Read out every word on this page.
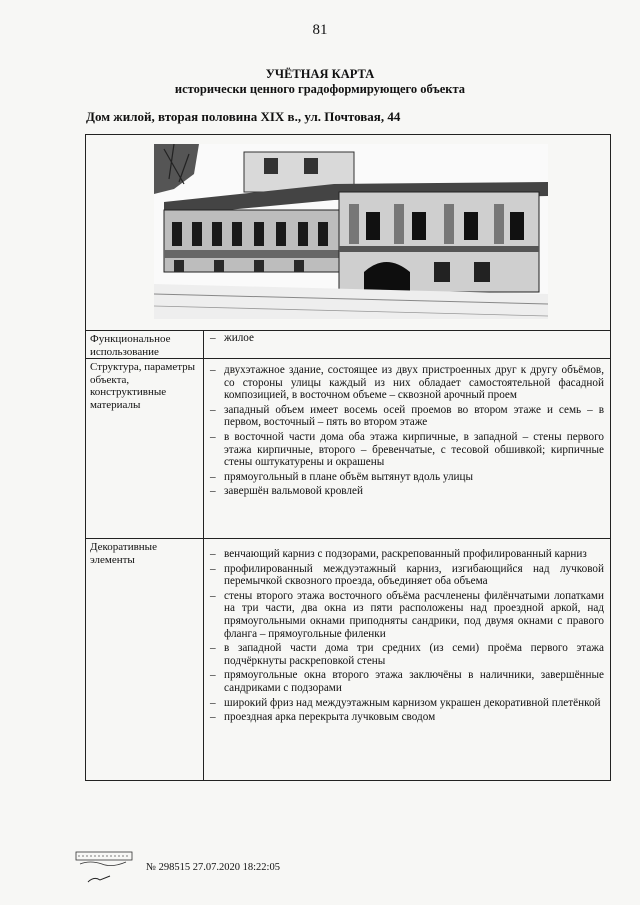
81
УЧЁТНАЯ КАРТА
исторически ценного градоформирующего объекта
Дом жилой, вторая половина XIX в., ул. Почтовая, 44
Функциональное использование
– жилое
Структура, параметры объекта, конструктивные материалы
– двухэтажное здание, состоящее из двух пристроенных друг к другу объёмов, со стороны улицы каждый из них обладает самостоятельной фасадной композицией, в восточном объеме – сквозной арочный проем
– западный объем имеет восемь осей проемов во втором этаже и семь – в первом, восточный – пять во втором этаже
– в восточной части дома оба этажа кирпичные, в западной – стены первого этажа кирпичные, второго – бревенчатые, с тесовой обшивкой; кирпичные стены оштукатурены и окрашены
– прямоугольный в плане объём вытянут вдоль улицы
– завершён вальмовой кровлей
Декоративные элементы
–	венчающий карниз с подзорами, раскрепованный профилированный карниз
– профилированный междуэтажный карниз, изгибающийся над лучковой перемычкой сквозного проезда, объединяет оба объема
– стены второго этажа восточного объёма расчленены филёнчатыми лопатками на три части, два окна из пяти расположены над проездной аркой, над прямоугольными окнами приподняты сандрики, под двумя окнами с правого фланга – прямоугольные филенки
– в западной части дома три средних (из семи) проёма первого этажа подчёркнуты раскреповкой стены
– прямоугольные окна второго этажа заключёны в наличники, завершённые сандриками с подзорами
– широкий фриз над междуэтажным карнизом украшен декоративной плетёнкой
– проездная арка перекрыта лучковым сводом
№ 298515 27.07.2020 18:22:05
